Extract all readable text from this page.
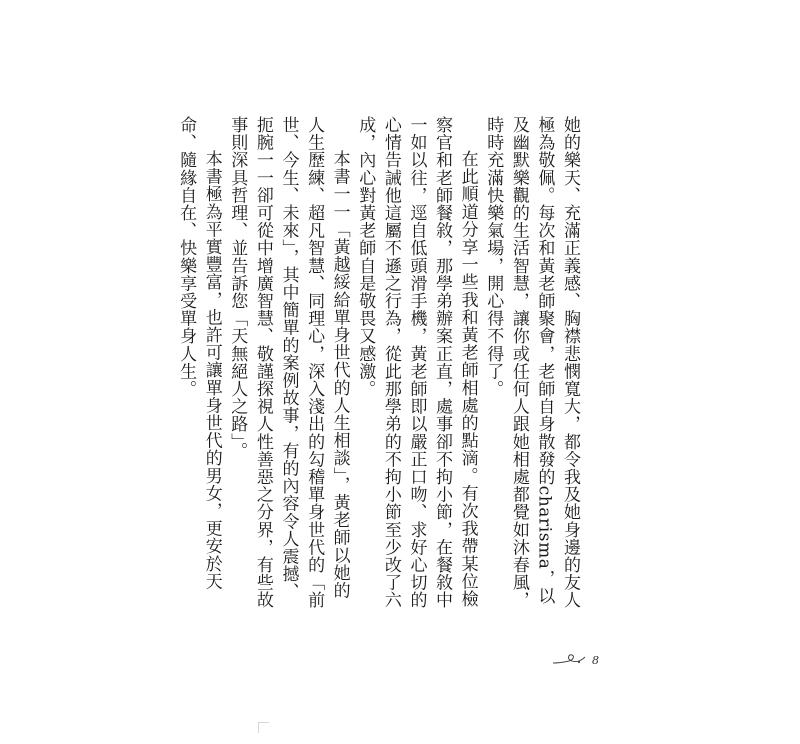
她的樂天、充滿正義感、胸襟悲憫寬大，都令我及她身邊的友人極為敬佩。每次和黃老師聚會，老師自身散發的charisma，以及幽默樂觀的生活智慧，讓你或任何人跟她相處都覺如沐春風，時時充滿快樂氣場，開心得不得了。

在此順道分享一些我和黃老師相處的點滴。有次我帶某位檢察官和老師餐敘，那學弟辦案正直，處事卻不拘小節，在餐敘中一如以往，逕自低頭滑手機，黃老師即以嚴正口吻、求好心切的心情告誡他這屬不遜之行為，從此那學弟的不拘小節至少改了六成，內心對黃老師自是敬畏又感激。

本書一一「黃越綏給單身世代的人生相談」，黃老師以她的人生歷練、超凡智慧、同理心，深入淺出的勾稽單身世代的「前世、今生、未來」，其中簡單的案例故事，有的內容令人震撼、扼腕一一卻可從中增廣智慧、敬謹探視人性善惡之分界，有些故事則深具哲理、並告訴您「天無絕人之路」。

本書極為平實豐富，也許可讓單身世代的男女，更安於天命、隨緣自在、快樂享受單身人生。

8
